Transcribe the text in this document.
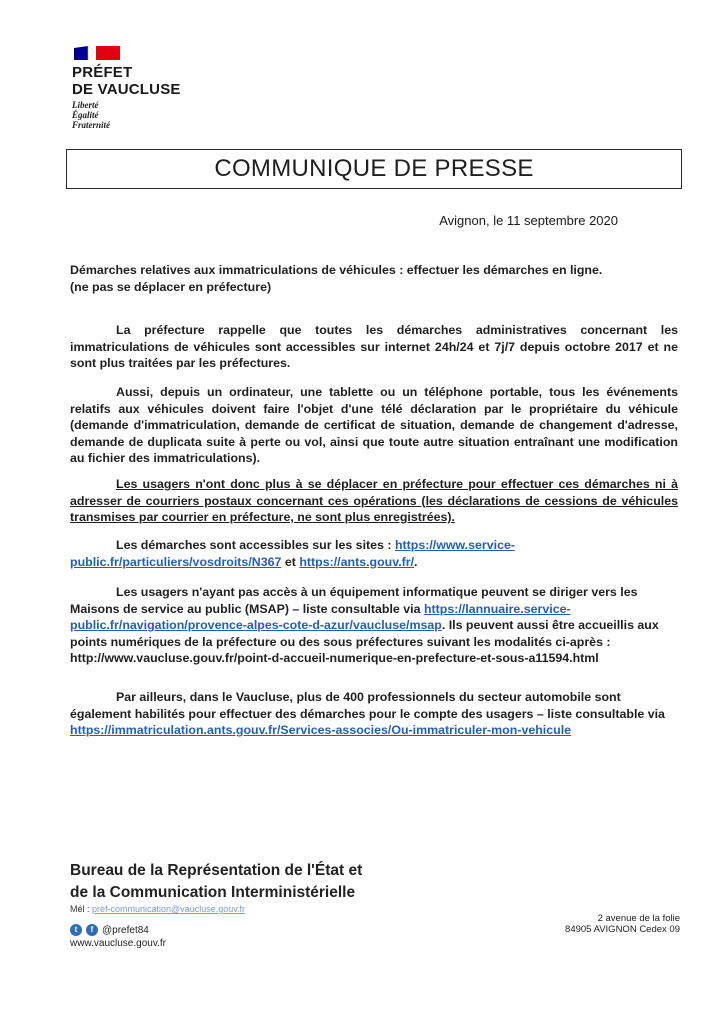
PRÉFET
DE VAUCLUSE
Liberté
Égalité
Fraternité
COMMUNIQUE DE PRESSE
Avignon, le 11 septembre 2020
Démarches relatives aux immatriculations de véhicules : effectuer les démarches en ligne.
(ne pas se déplacer en préfecture)
La préfecture rappelle que toutes les démarches administratives concernant les immatriculations de véhicules sont accessibles sur internet 24h/24 et 7j/7 depuis octobre 2017 et ne sont plus traitées par les préfectures.
Aussi, depuis un ordinateur, une tablette ou un téléphone portable, tous les événements relatifs aux véhicules doivent faire l'objet d'une télé déclaration par le propriétaire du véhicule (demande d'immatriculation, demande de certificat de situation, demande de changement d'adresse, demande de duplicata suite à perte ou vol, ainsi que toute autre situation entraînant une modification au fichier des immatriculations).
Les usagers n'ont donc plus à se déplacer en préfecture pour effectuer ces démarches ni à adresser de courriers postaux concernant ces opérations (les déclarations de cessions de véhicules transmises par courrier en préfecture, ne sont plus enregistrées).
Les démarches sont accessibles sur les sites : https://www.service-public.fr/particuliers/vosdroits/N367 et https://ants.gouv.fr/.
Les usagers n'ayant pas accès à un équipement informatique peuvent se diriger vers les Maisons de service au public (MSAP) – liste consultable via https://lannuaire.service-public.fr/navigation/provence-alpes-cote-d-azur/vaucluse/msap. Ils peuvent aussi être accueillis aux points numériques de la préfecture ou des sous préfectures suivant les modalités ci-après : http://www.vaucluse.gouv.fr/point-d-accueil-numerique-en-prefecture-et-sous-a11594.html
Par ailleurs, dans le Vaucluse, plus de 400 professionnels du secteur automobile sont également habilités pour effectuer des démarches pour le compte des usagers – liste consultable via https://immatriculation.ants.gouv.fr/Services-associes/Ou-immatriculer-mon-vehicule
Bureau de la Représentation de l'État et
de la Communication Interministérielle
Mél : pref-communication@vaucluse.gouv.fr
t	f @prefet84
www.vaucluse.gouv.fr
2 avenue de la folie
84905 AVIGNON Cedex 09
